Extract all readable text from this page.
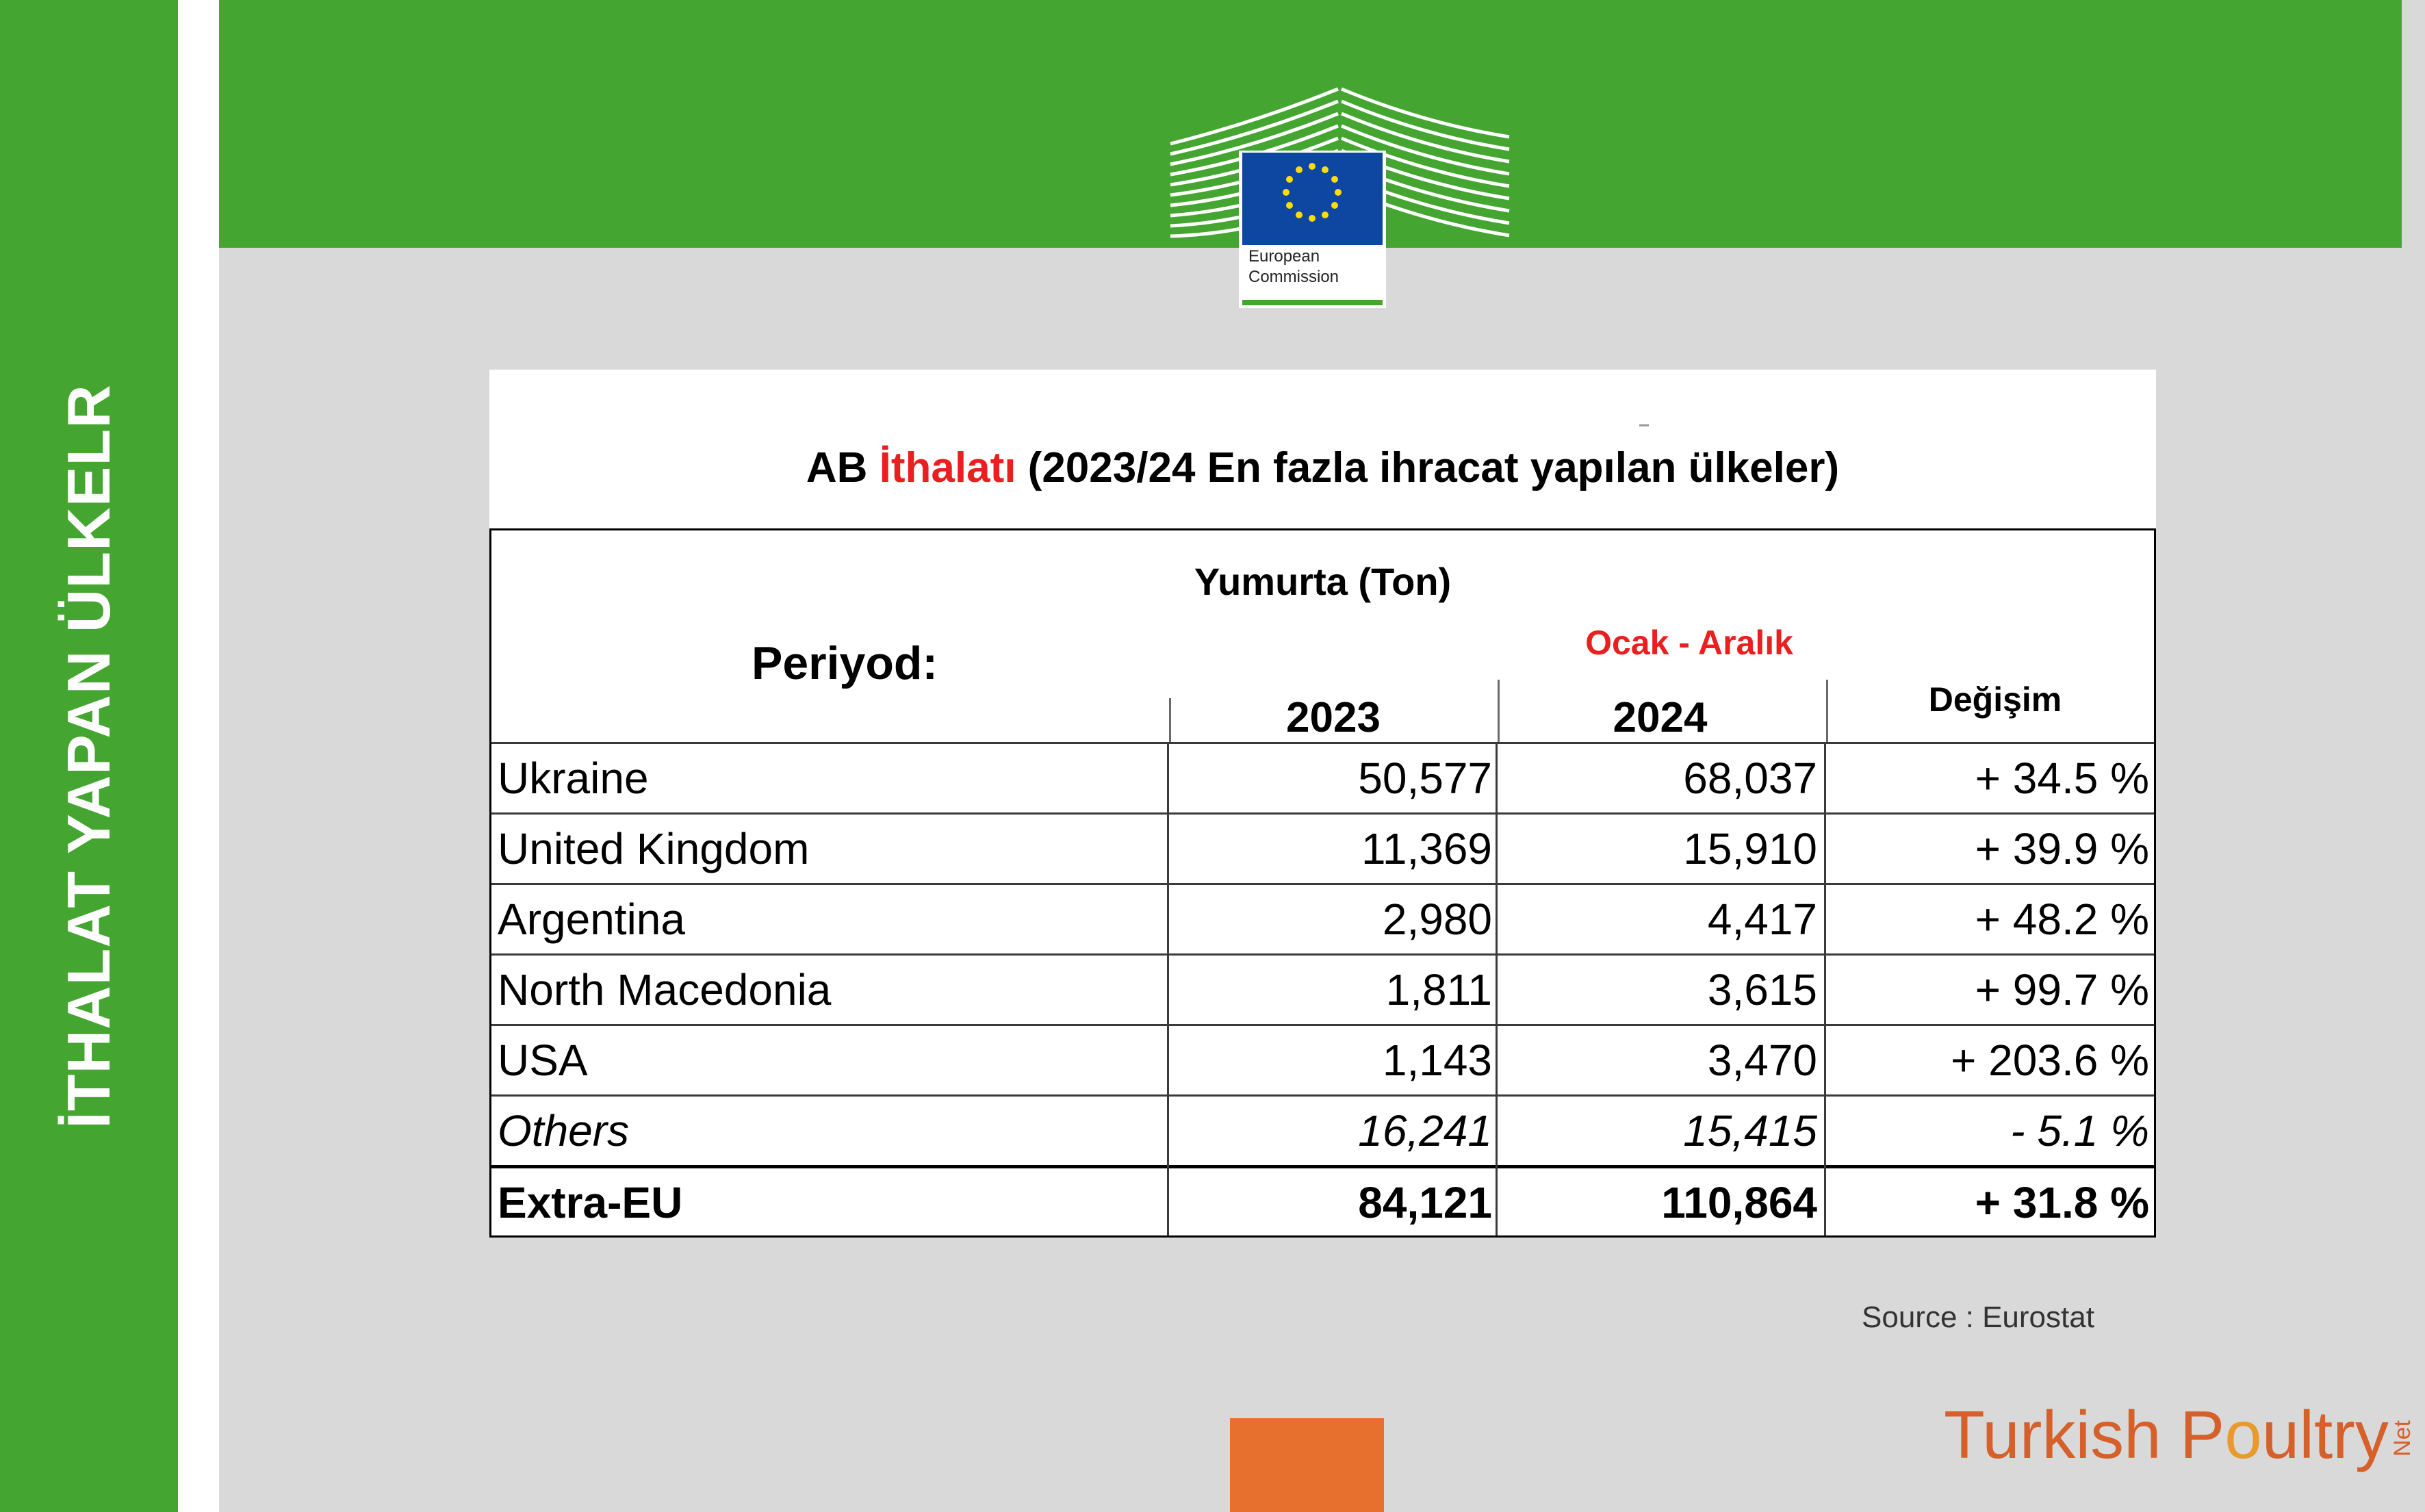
İTHALAT YAPAN ÜLKELR
European
Commission
AB İthalatı (2023/24 En fazla ihracat yapılan ülkeler)
Yumurta (Ton)
Periyod:	Ocak - Aralık
2023	2024	Değişim
Ukraine	50,577	68,037	+ 34.5 %
United Kingdom	11,369	15,910	+ 39.9 %
Argentina	2,980	4,417	+ 48.2 %
North Macedonia	1,811	3,615	+ 99.7 %
USA	1,143	3,470	+ 203.6 %
Others	16,241	15,415	- 5.1 %
Extra-EU	84,121	110,864	+ 31.8 %
Source : Eurostat
Turkish PoultryNet
